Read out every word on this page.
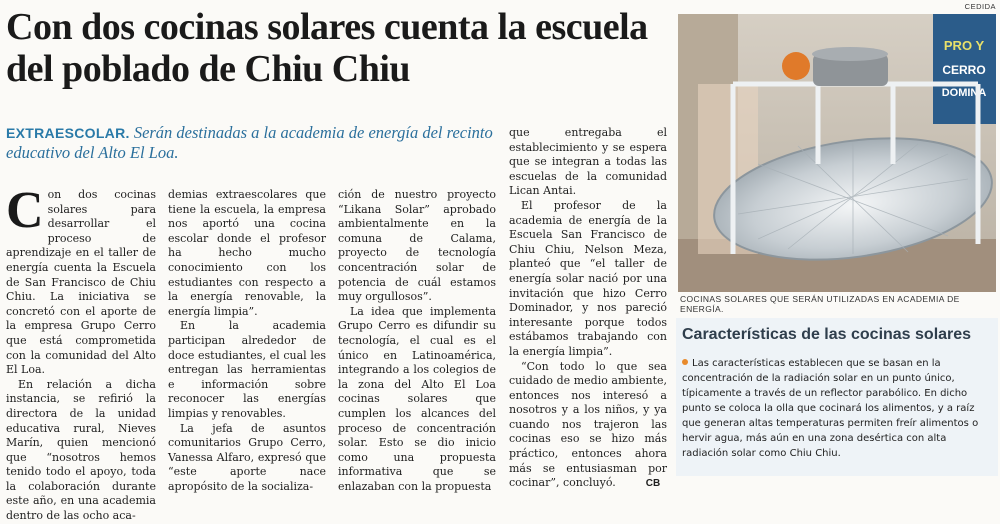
Con dos cocinas solares cuenta la escuela del poblado de Chiu Chiu

EXTRAESCOLAR. Serán destinadas a la academia de energía del recinto educativo del Alto El Loa.

Con dos cocinas solares para desarrollar el proceso de aprendizaje en el taller de energía cuenta la Escuela de San Francisco de Chiu Chiu. La iniciativa se concretó con el aporte de la empresa Grupo Cerro que está comprometida con la comunidad del Alto El Loa.

En relación a dicha instancia, se refirió la directora de la unidad educativa rural, Nieves Marín, quien mencionó que “nosotros hemos tenido todo el apoyo, toda la colaboración durante este año, en una academia dentro de las ocho aca-

demias extraescolares que tiene la escuela, la empresa nos aportó una cocina escolar donde el profesor ha hecho mucho conocimiento con los estudiantes con respecto a la energía renovable, la energía limpia”.

En la academia participan alrededor de doce estudiantes, el cual les entregan las herramientas e información sobre reconocer las energías limpias y renovables.

La jefa de asuntos comunitarios Grupo Cerro, Vanessa Alfaro, expresó que “este aporte nace apropósito de la socializa-

ción de nuestro proyecto “Likana Solar” aprobado ambientalmente en la comuna de Calama, proyecto de tecnología concentración solar de potencia de cuál estamos muy orgullosos”.

La idea que implementa Grupo Cerro es difundir su tecnología, el cual es el único en Latinoamérica, integrando a los colegios de la zona del Alto El Loa cocinas solares que cumplen los alcances del proceso de concentración solar. Esto se dio inicio como una propuesta informativa que se enlazaban con la propuesta

que entregaba el establecimiento y se espera que se integran a todas las escuelas de la comunidad Lican Antai.

El profesor de la academia de energía de la Escuela San Francisco de Chiu Chiu, Nelson Meza, planteó que “el taller de energía solar nació por una invitación que hizo Cerro Dominador, y nos pareció interesante porque todos estábamos trabajando con la energía limpia”.

“Con todo lo que sea cuidado de medio ambiente, entonces nos interesó a nosotros y a los niños, y ya cuando nos trajeron las cocinas eso se hizo más práctico, entonces ahora más se entusiasman por cocinar”, concluyó.	CB

CEDIDA
PRO Y
CERRO
DOMINA
COCINAS SOLARES QUE SERÁN UTILIZADAS EN ACADEMIA DE ENERGÍA.
Características de las cocinas solares

Las características establecen que se basan en la concentración de la radiación solar en un punto único, típicamente a través de un reflector parabólico. En dicho punto se coloca la olla que cocinará los alimentos, y a raíz que generan altas temperaturas permiten freír alimentos o hervir agua, más aún en una zona desértica con alta radiación solar como Chiu Chiu.
